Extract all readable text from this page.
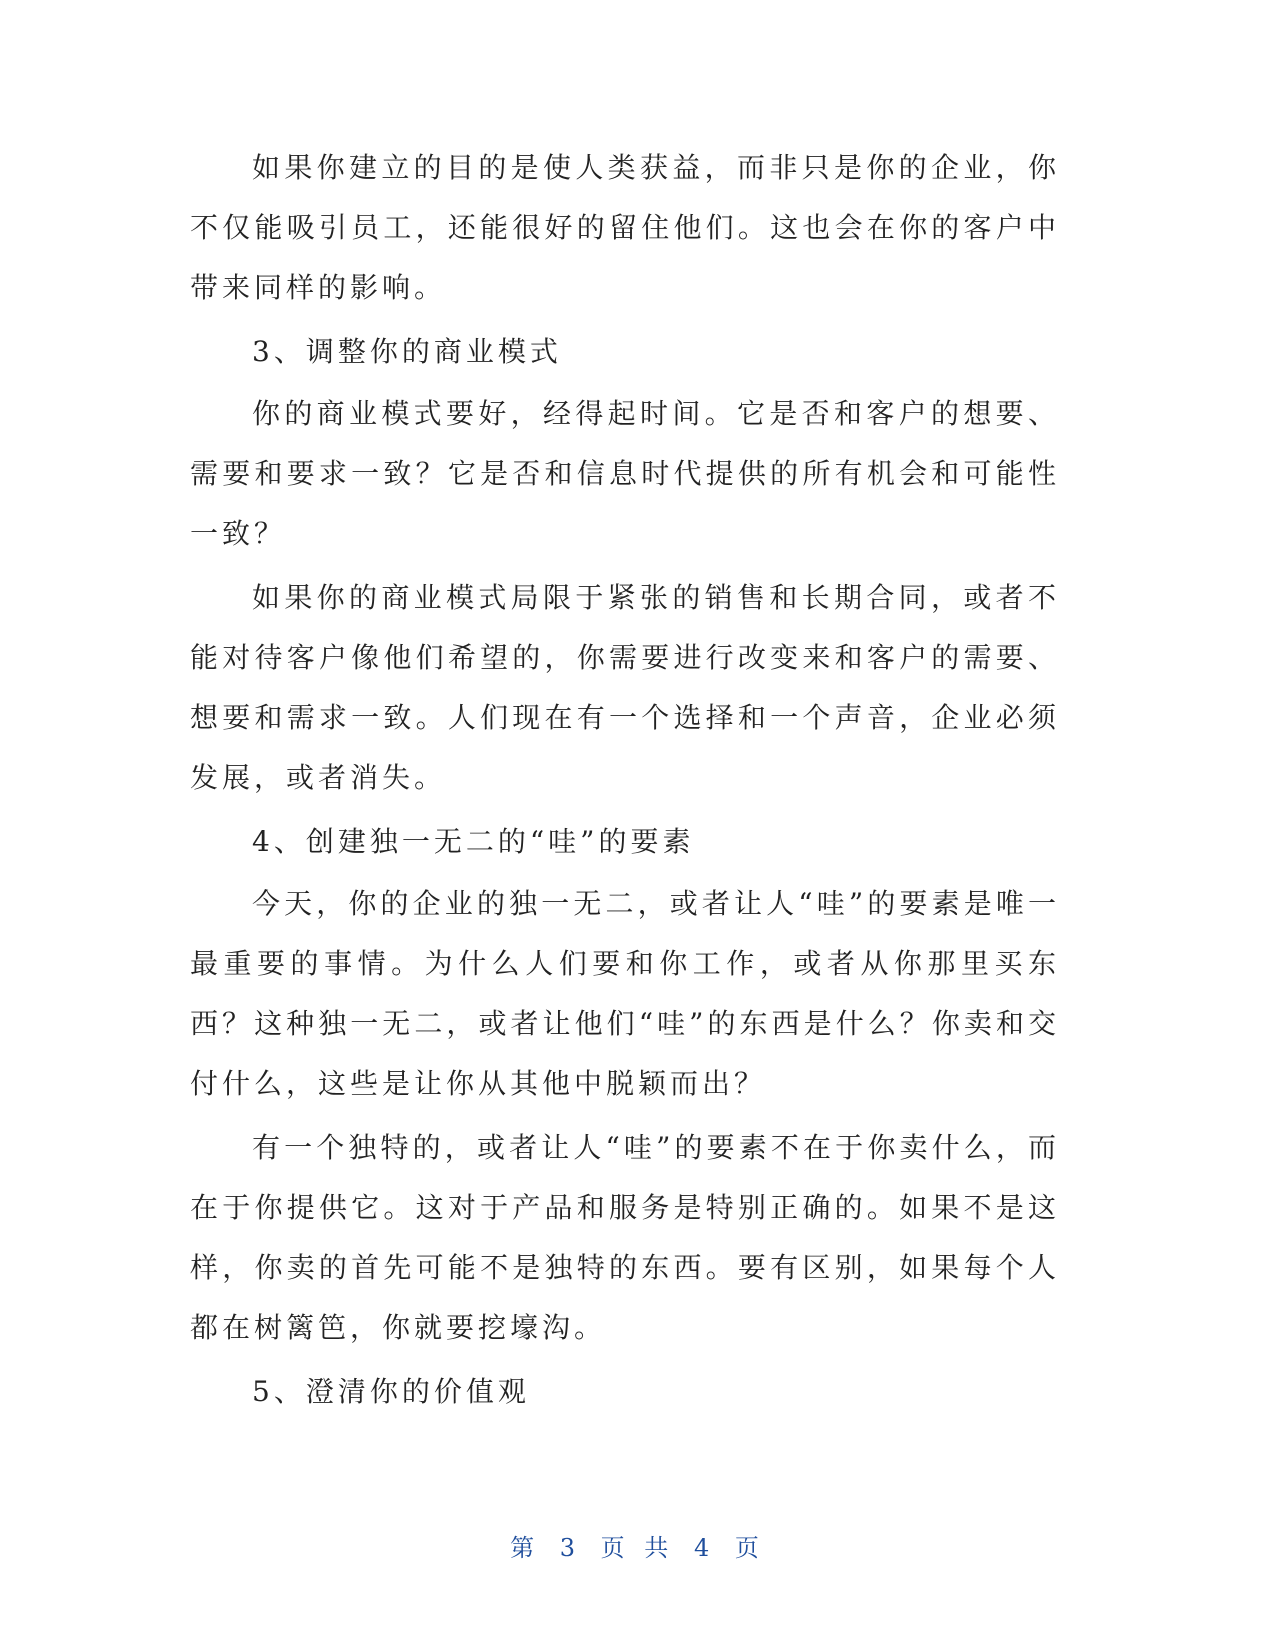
如果你建立的目的是使人类获益，而非只是你的企业，你不仅能吸引员工，还能很好的留住他们。这也会在你的客户中带来同样的影响。

3、调整你的商业模式

你的商业模式要好，经得起时间。它是否和客户的想要、需要和要求一致？它是否和信息时代提供的所有机会和可能性一致？

如果你的商业模式局限于紧张的销售和长期合同，或者不能对待客户像他们希望的，你需要进行改变来和客户的需要、想要和需求一致。人们现在有一个选择和一个声音，企业必须发展，或者消失。

4、创建独一无二的“哇”的要素

今天，你的企业的独一无二，或者让人“哇”的要素是唯一最重要的事情。为什么人们要和你工作，或者从你那里买东西？这种独一无二，或者让他们“哇”的东西是什么？你卖和交付什么，这些是让你从其他中脱颖而出？

有一个独特的，或者让人“哇”的要素不在于你卖什么，而在于你提供它。这对于产品和服务是特别正确的。如果不是这样，你卖的首先可能不是独特的东西。要有区别，如果每个人都在树篱笆，你就要挖壕沟。

5、澄清你的价值观

第 3 页 共 4 页
